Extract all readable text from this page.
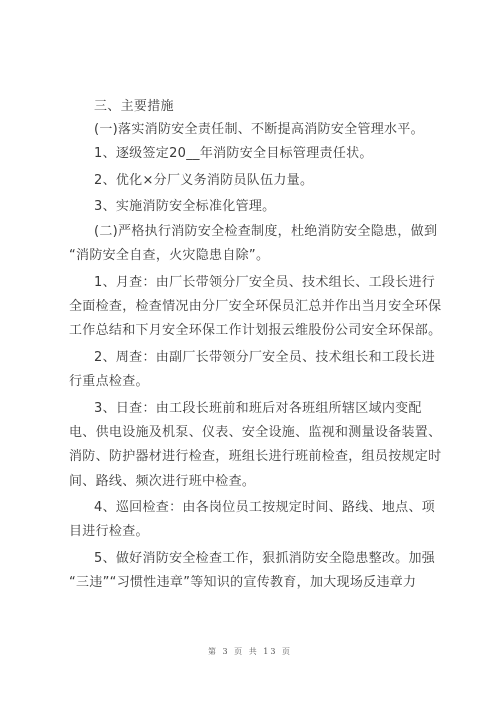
三、主要措施
(一)落实消防安全责任制、不断提高消防安全管理水平。
1、逐级签定20__年消防安全目标管理责任状。
2、优化×分厂义务消防员队伍力量。
3、实施消防安全标准化管理。
(二)严格执行消防安全检查制度，杜绝消防安全隐患，做到
“消防安全自查，火灾隐患自除”。
1、月查：由厂长带领分厂安全员、技术组长、工段长进行
全面检查，检查情况由分厂安全环保员汇总并作出当月安全环保
工作总结和下月安全环保工作计划报云维股份公司安全环保部。
2、周查：由副厂长带领分厂安全员、技术组长和工段长进
行重点检查。
3、日查：由工段长班前和班后对各班组所辖区域内变配
电、供电设施及机泵、仪表、安全设施、监视和测量设备装置、
消防、防护器材进行检查，班组长进行班前检查，组员按规定时
间、路线、频次进行班中检查。
4、巡回检查：由各岗位员工按规定时间、路线、地点、项
目进行检查。
5、做好消防安全检查工作，狠抓消防安全隐患整改。加强
“三违”“习惯性违章”等知识的宣传教育，加大现场反违章力
第 3 页 共 13 页
